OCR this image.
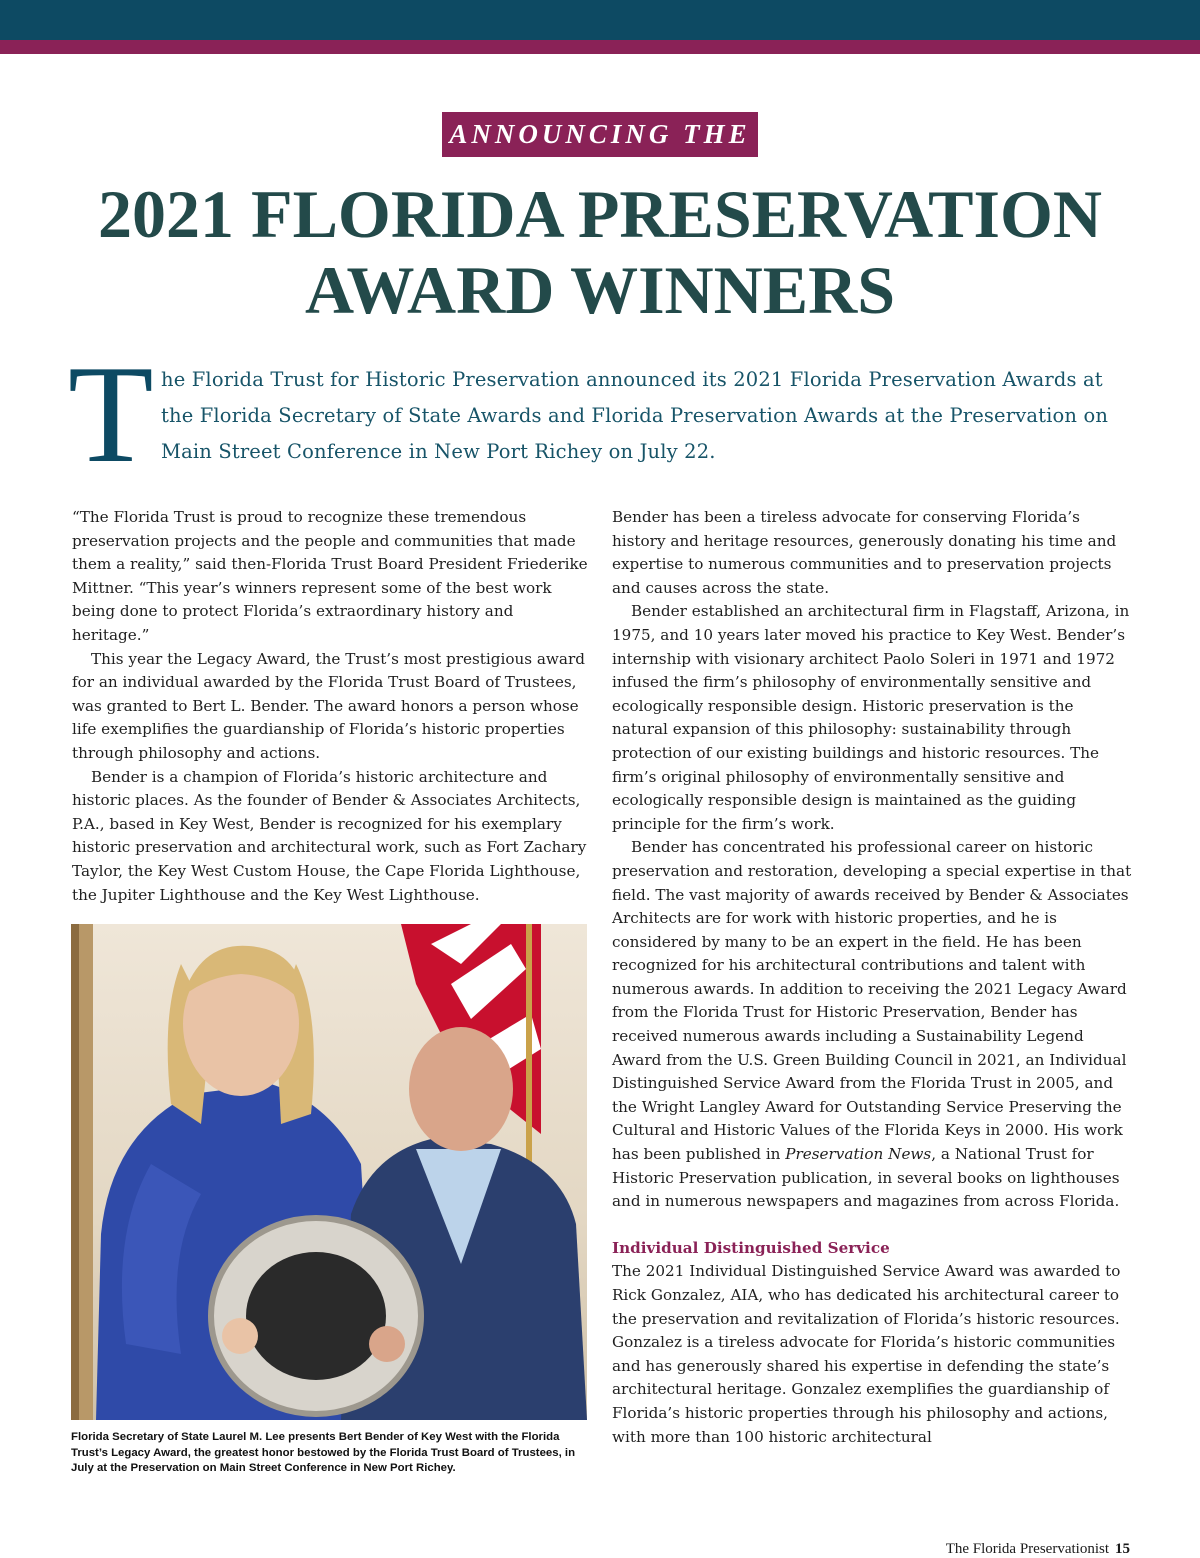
ANNOUNCING THE
2021 FLORIDA PRESERVATION
AWARD WINNERS
T he Florida Trust for Historic Preservation announced its 2021 Florida Preservation Awards at the Florida Secretary of State Awards and Florida Preservation Awards at the Preservation on Main Street Conference in New Port Richey on July 22.

“The Florida Trust is proud to recognize these tremendous preservation projects and the people and communities that made them a reality,” said then-Florida Trust Board President Friederike Mittner. “This year’s winners represent some of the best work being done to protect Florida’s extraordinary history and heritage.”

This year the Legacy Award, the Trust’s most prestigious award for an individual awarded by the Florida Trust Board of Trustees, was granted to Bert L. Bender. The award honors a person whose life exemplifies the guardianship of Florida’s historic properties through philosophy and actions.

Bender is a champion of Florida’s historic architecture and historic places. As the founder of Bender & Associates Architects, P.A., based in Key West, Bender is recognized for his exemplary historic preservation and architectural work, such as Fort Zachary Taylor, the Key West Custom House, the Cape Florida Lighthouse, the Jupiter Lighthouse and the Key West Lighthouse.

Florida Secretary of State Laurel M. Lee presents Bert Bender of Key West with the Florida Trust’s Legacy Award, the greatest honor bestowed by the Florida Trust Board of Trustees, in July at the Preservation on Main Street Conference in New Port Richey.

Bender has been a tireless advocate for conserving Florida’s history and heritage resources, generously donating his time and expertise to numerous communities and to preservation projects and causes across the state.

Bender established an architectural firm in Flagstaff, Arizona, in 1975, and 10 years later moved his practice to Key West. Bender’s internship with visionary architect Paolo Soleri in 1971 and 1972 infused the firm’s philosophy of environmentally sensitive and ecologically responsible design. Historic preservation is the natural expansion of this philosophy: sustainability through protection of our existing buildings and historic resources. The firm’s original philosophy of environmentally sensitive and ecologically responsible design is maintained as the guiding principle for the firm’s work.

Bender has concentrated his professional career on historic preservation and restoration, developing a special expertise in that field. The vast majority of awards received by Bender & Associates Architects are for work with historic properties, and he is considered by many to be an expert in the field. He has been recognized for his architectural contributions and talent with numerous awards. In addition to receiving the 2021 Legacy Award from the Florida Trust for Historic Preservation, Bender has received numerous awards including a Sustainability Legend Award from the U.S. Green Building Council in 2021, an Individual Distinguished Service Award from the Florida Trust in 2005, and the Wright Langley Award for Outstanding Service Preserving the Cultural and Historic Values of the Florida Keys in 2000. His work has been published in Preservation News, a National Trust for Historic Preservation publication, in several books on lighthouses and in numerous newspapers and magazines from across Florida.

Individual Distinguished Service

The 2021 Individual Distinguished Service Award was awarded to Rick Gonzalez, AIA, who has dedicated his architectural career to the preservation and revitalization of Florida’s historic resources. Gonzalez is a tireless advocate for Florida’s historic communities and has generously shared his expertise in defending the state’s architectural heritage. Gonzalez exemplifies the guardianship of Florida’s historic properties through his philosophy and actions, with more than 100 historic architectural

The Florida Preservationist 15
